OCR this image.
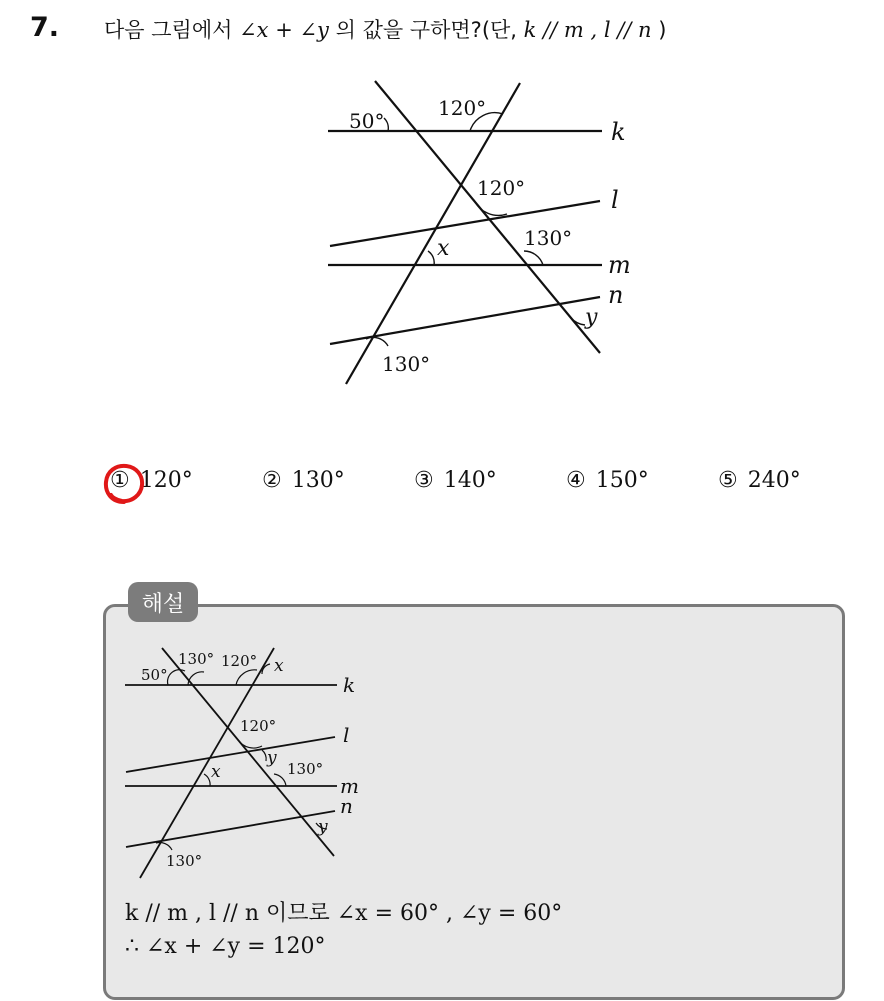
7. 다음 그림에서 ∠x + ∠y 의 값을 구하면?(단, k // m , l // n )
k
l
m
n
50°
120°
120°
x	130°
y
130°
① 120°	② 130°	③ 140°	④ 150°	⑤ 240°
해설
k
l
m
n
50°
130° 120° x
120°
y
130°
x
y
130°
k // m , l // n 이므로 ∠x = 60° , ∠y = 60°
∴ ∠x + ∠y = 120°
